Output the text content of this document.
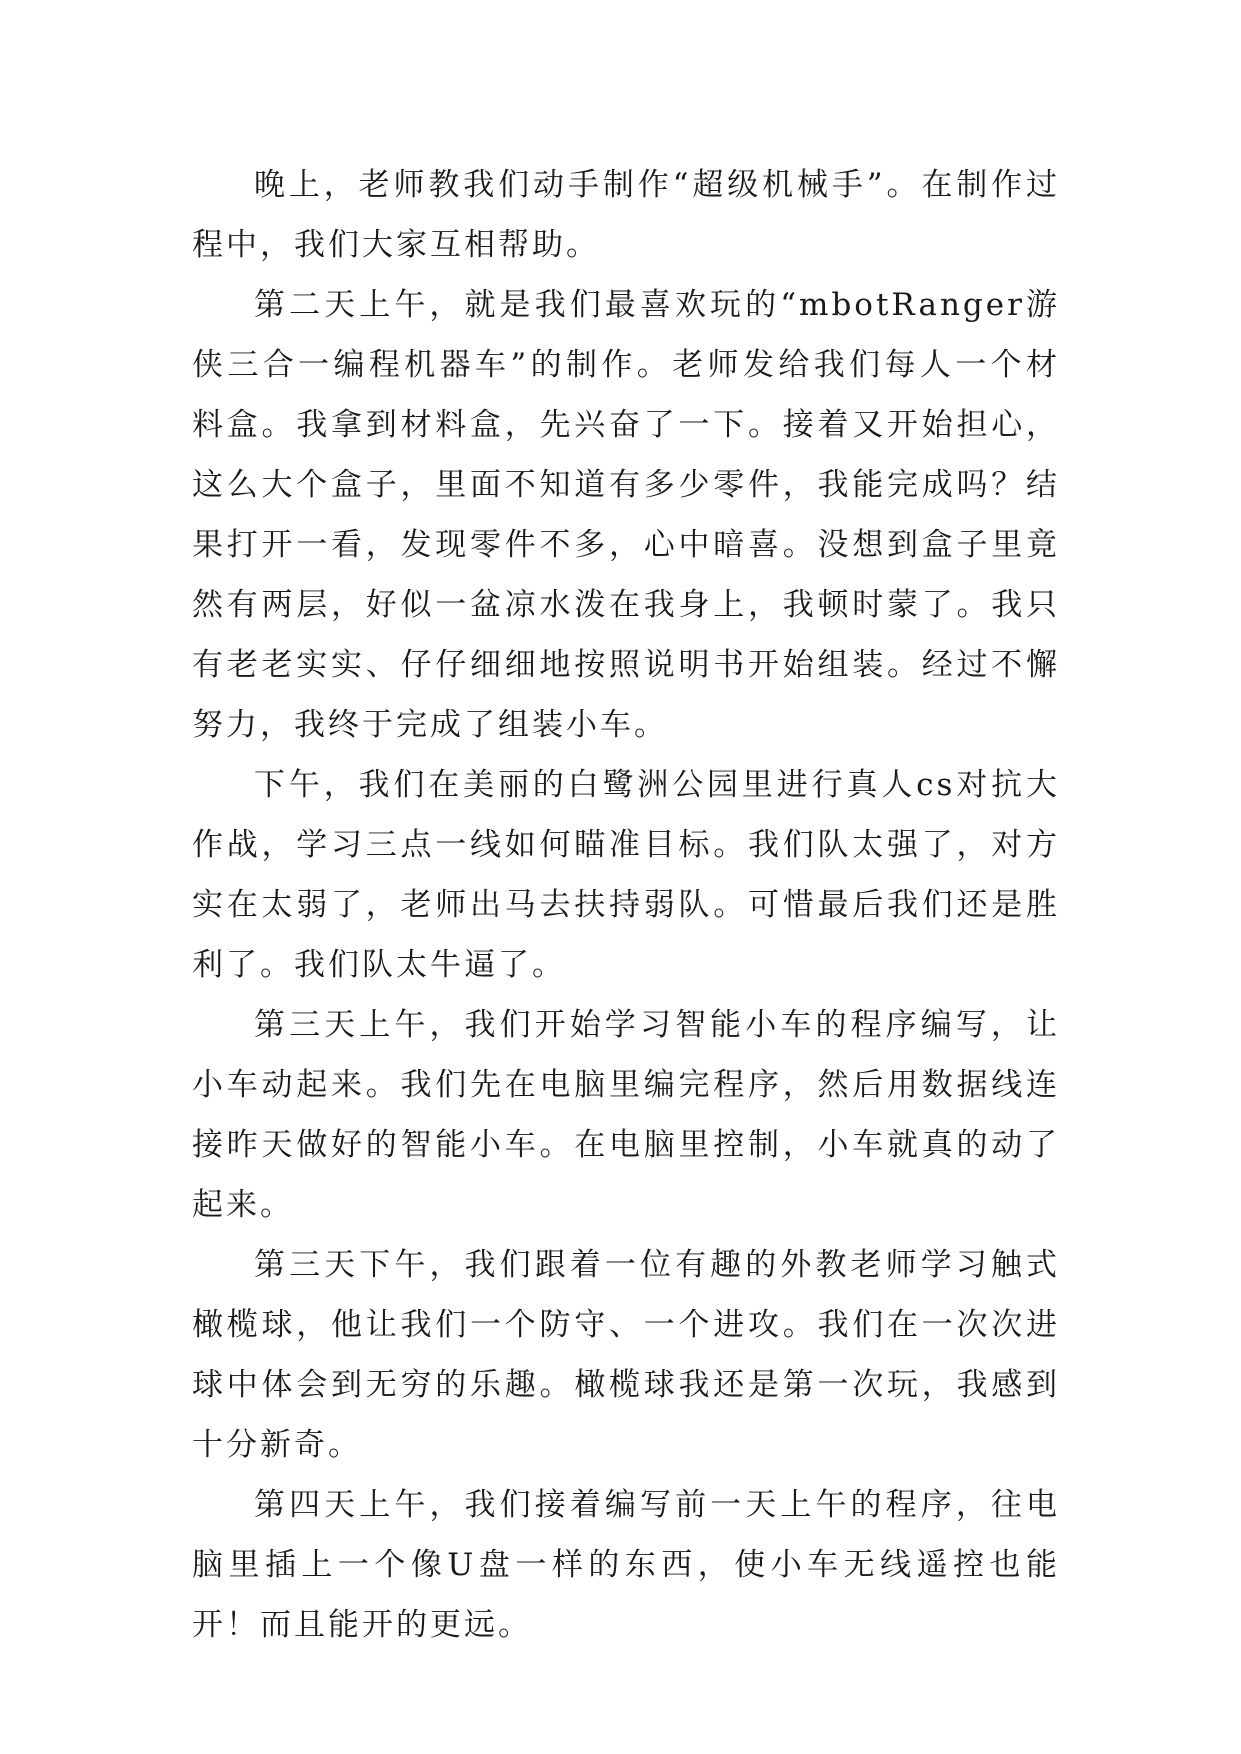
晚上，老师教我们动手制作“超级机械手”。在制作过程中，我们大家互相帮助。

第二天上午，就是我们最喜欢玩的“mbotRanger游侠三合一编程机器车”的制作。老师发给我们每人一个材料盒。我拿到材料盒，先兴奋了一下。接着又开始担心，这么大个盒子，里面不知道有多少零件，我能完成吗？结果打开一看，发现零件不多，心中暗喜。没想到盒子里竟然有两层，好似一盆凉水泼在我身上，我顿时蒙了。我只有老老实实、仔仔细细地按照说明书开始组装。经过不懈努力，我终于完成了组装小车。

下午，我们在美丽的白鹭洲公园里进行真人cs对抗大作战，学习三点一线如何瞄准目标。我们队太强了，对方实在太弱了，老师出马去扶持弱队。可惜最后我们还是胜利了。我们队太牛逼了。

第三天上午，我们开始学习智能小车的程序编写，让小车动起来。我们先在电脑里编完程序，然后用数据线连接昨天做好的智能小车。在电脑里控制，小车就真的动了起来。

第三天下午，我们跟着一位有趣的外教老师学习触式橄榄球，他让我们一个防守、一个进攻。我们在一次次进球中体会到无穷的乐趣。橄榄球我还是第一次玩，我感到十分新奇。

第四天上午，我们接着编写前一天上午的程序，往电脑里插上一个像U盘一样的东西，使小车无线遥控也能开！而且能开的更远。
